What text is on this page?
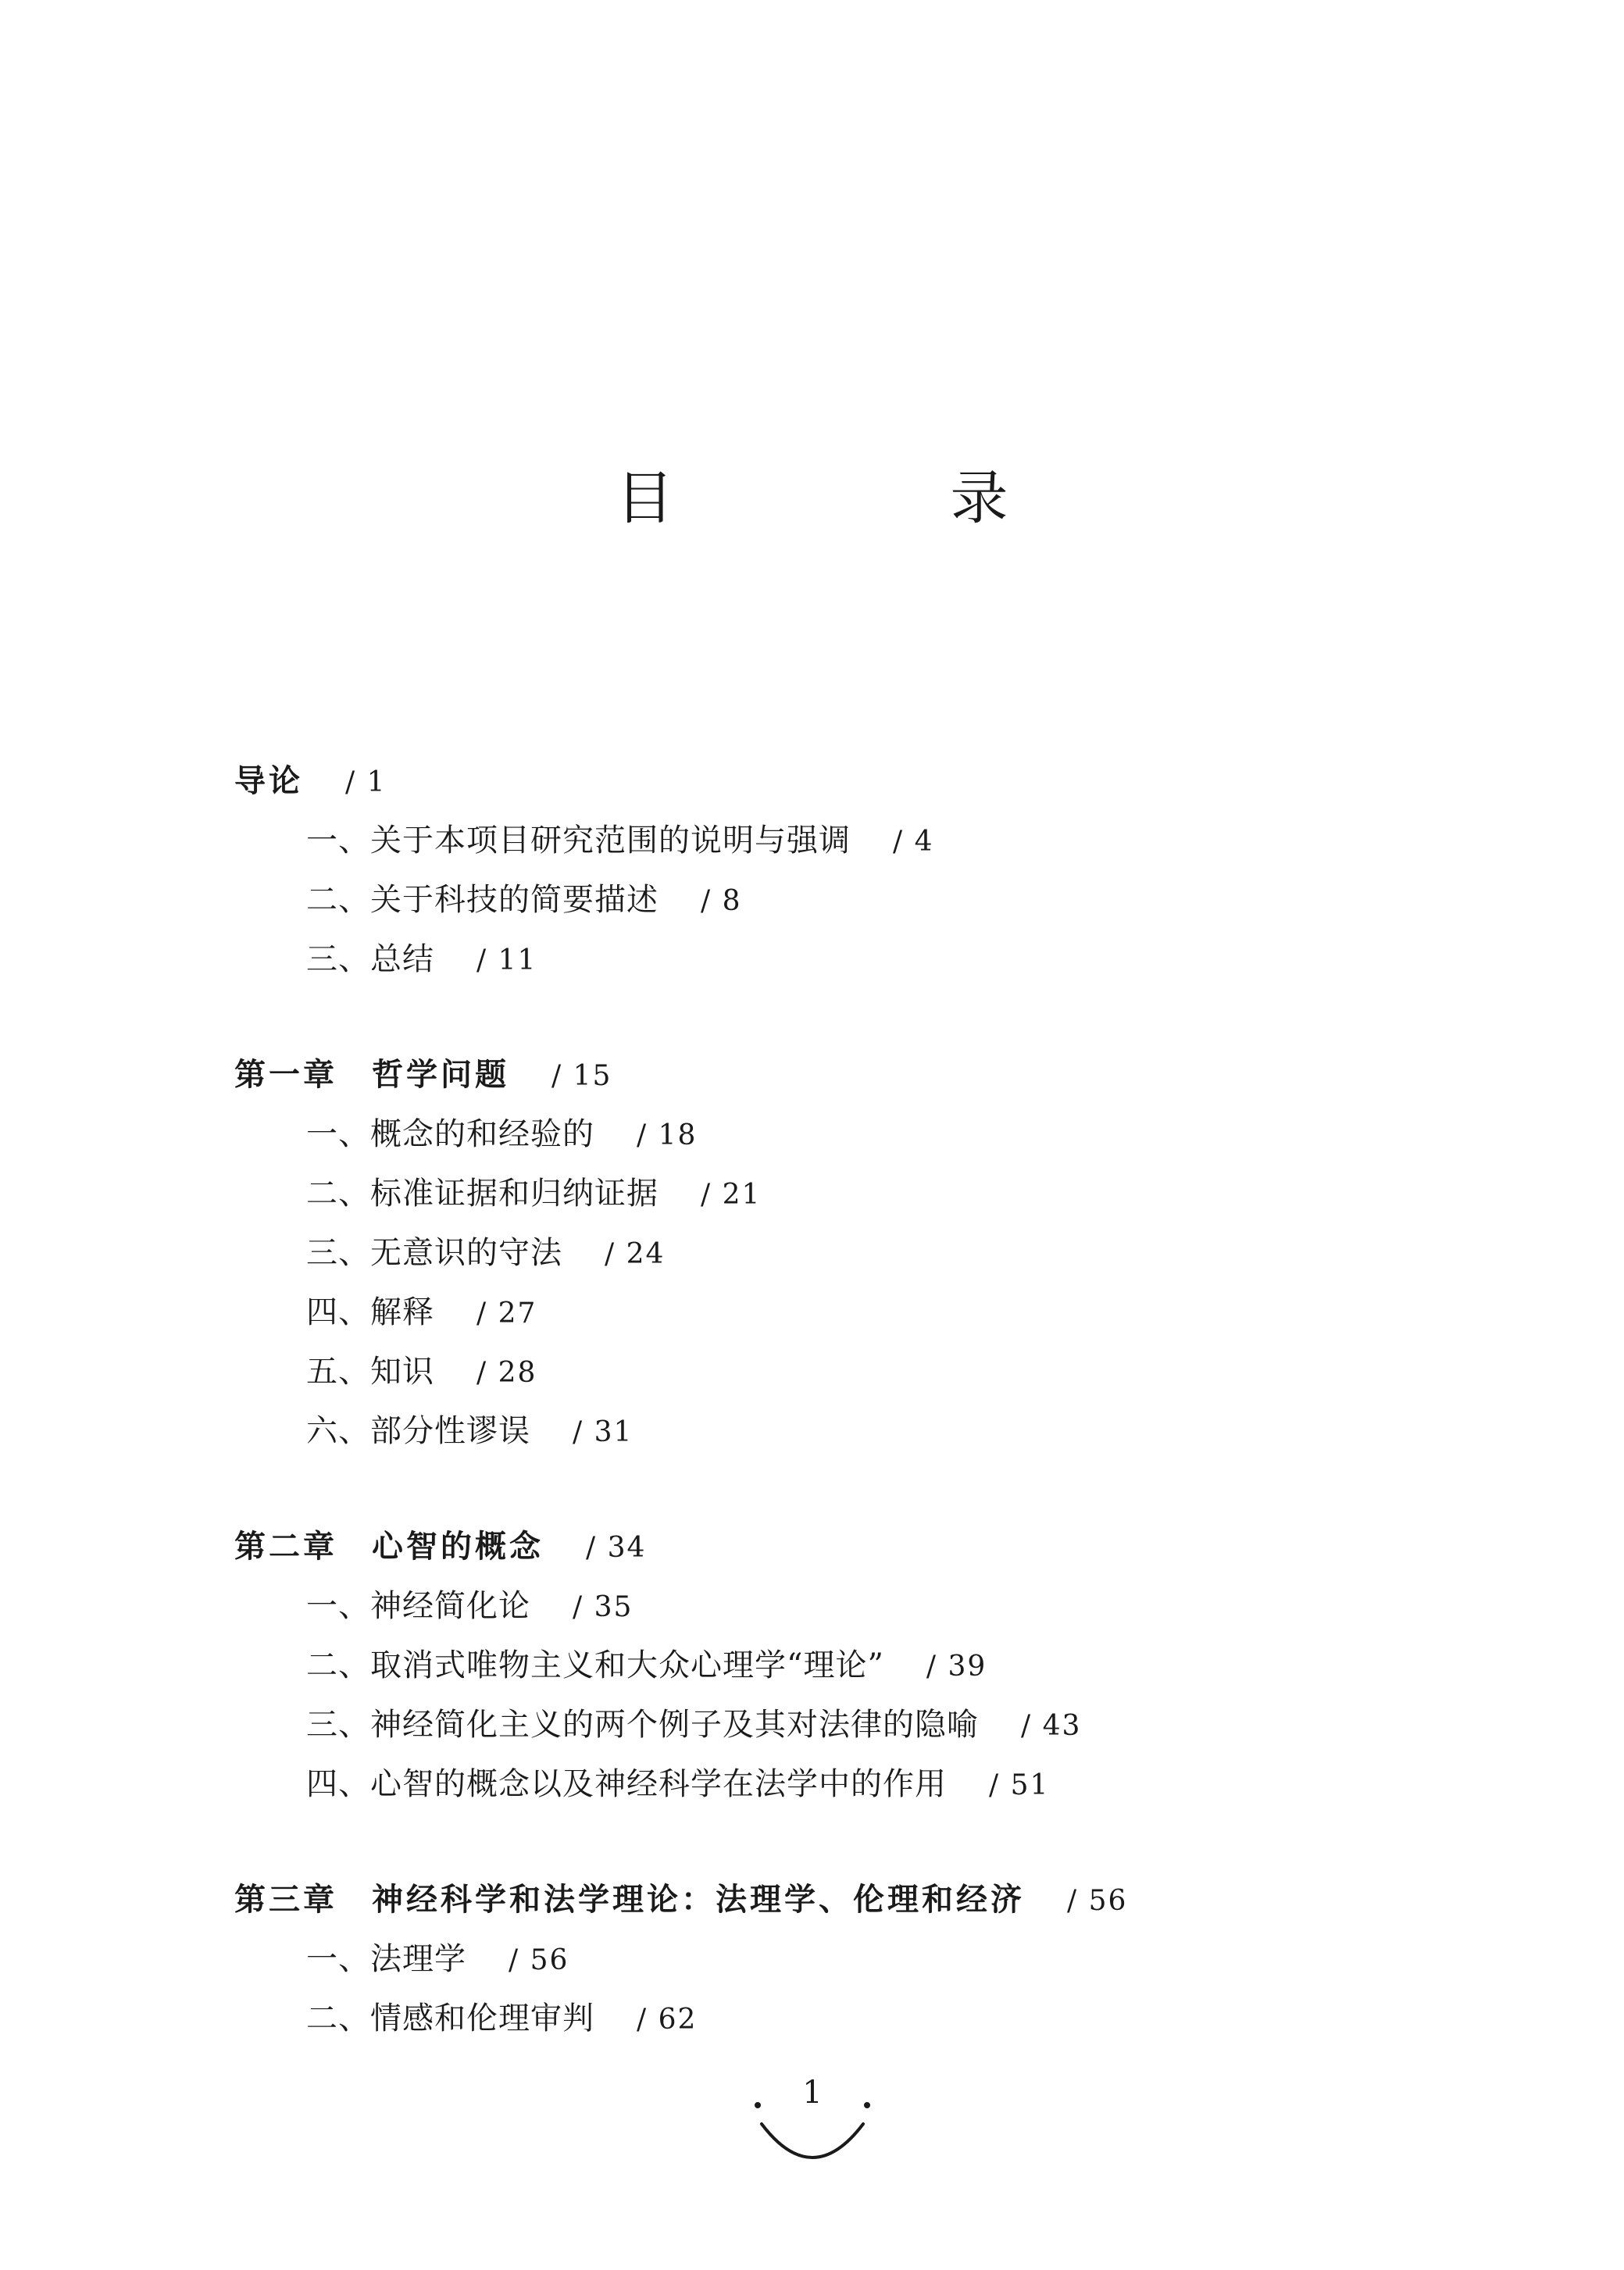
目　录
导论 / 1
一、关于本项目研究范围的说明与强调 / 4
二、关于科技的简要描述 / 8
三、总结 / 11
第一章　哲学问题 / 15
一、概念的和经验的 / 18
二、标准证据和归纳证据 / 21
三、无意识的守法 / 24
四、解释 / 27
五、知识 / 28
六、部分性谬误 / 31
第二章　心智的概念 / 34
一、神经简化论 / 35
二、取消式唯物主义和大众心理学“理论” / 39
三、神经简化主义的两个例子及其对法律的隐喻 / 43
四、心智的概念以及神经科学在法学中的作用 / 51
第三章　神经科学和法学理论：法理学、伦理和经济 / 56
一、法理学 / 56
二、情感和伦理审判 / 62
1
